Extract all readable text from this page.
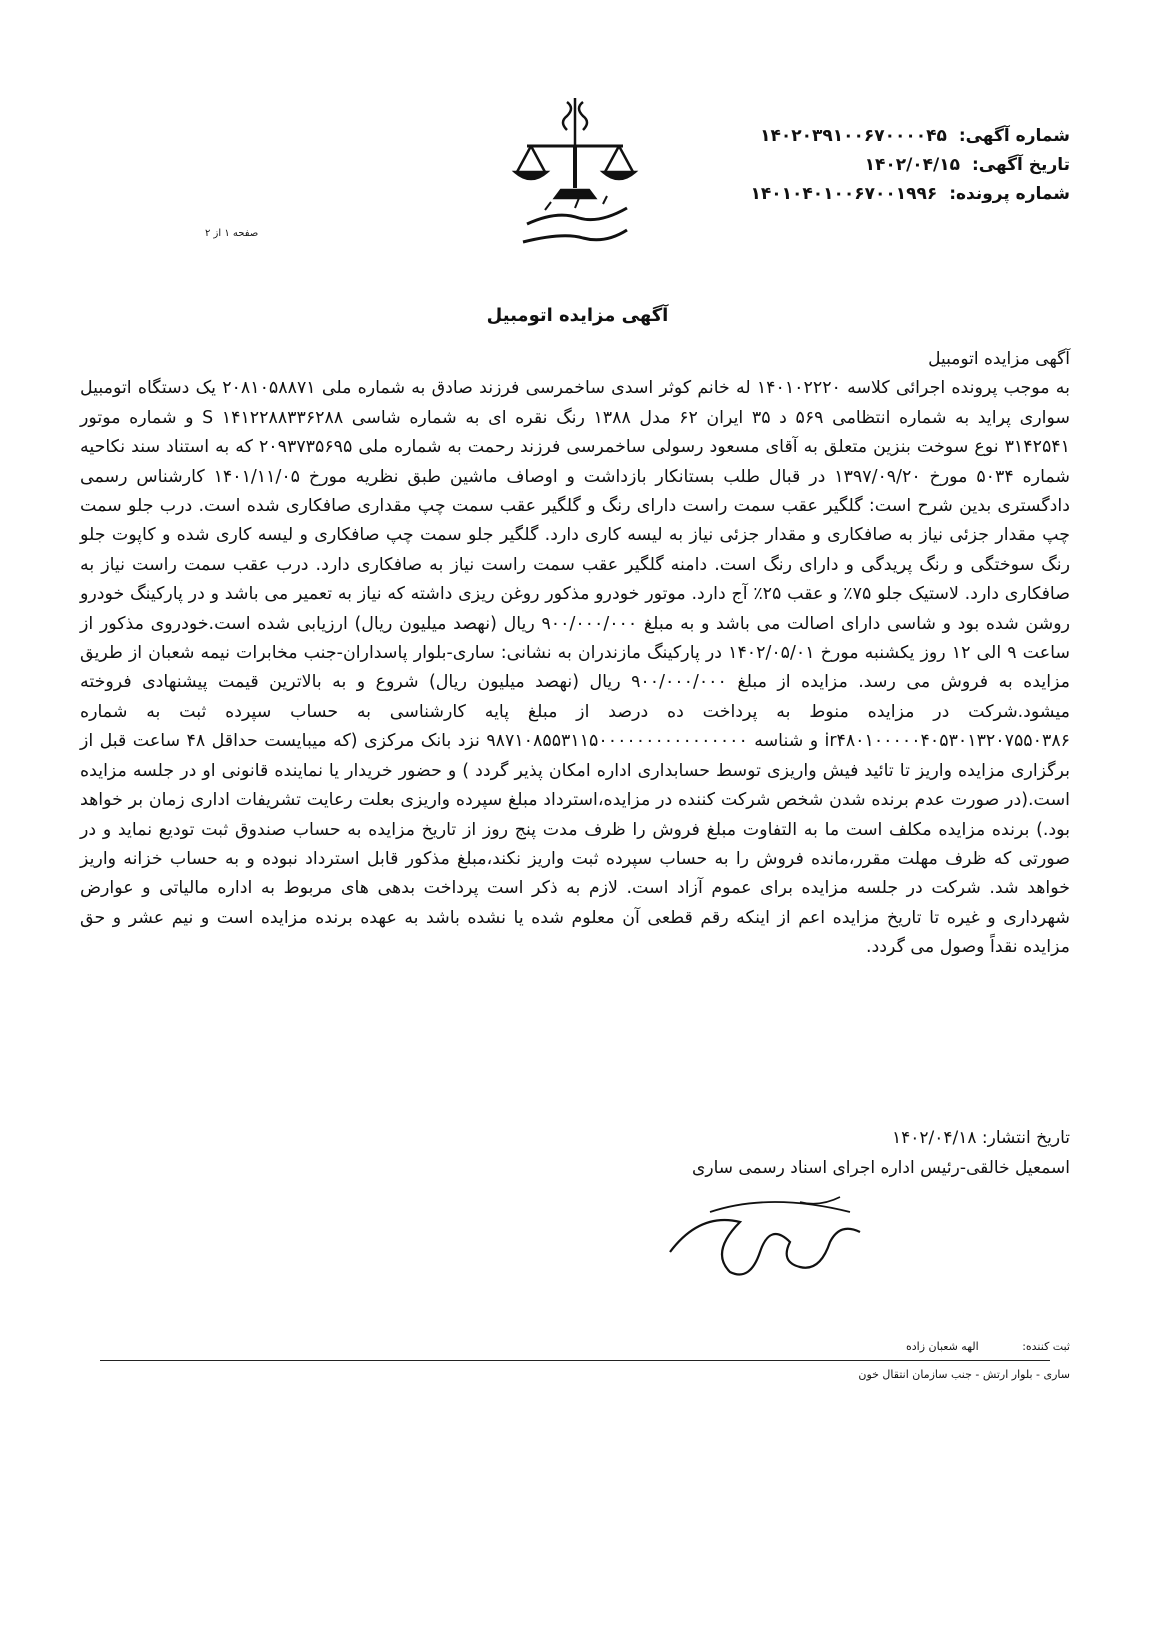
شماره آگهی: ۱۴۰۲۰۳۹۱۰۰۶۷۰۰۰۰۴۵
تاریخ آگهی: ۱۴۰۲/۰۴/۱۵
شماره پرونده: ۱۴۰۱۰۴۰۱۰۰۶۷۰۰۱۹۹۶
صفحه ۱ از ۲
آگهی مزایده اتومبیل

آگهی مزایده اتومبیل

به موجب پرونده اجرائی کلاسه ۱۴۰۱۰۲۲۲۰ له خانم کوثر اسدی ساخمرسی فرزند صادق به شماره ملی ۲۰۸۱۰۵۸۸۷۱ یک دستگاه اتومبیل سواری پراید به شماره انتظامی ۵۶۹ د ۳۵ ایران ۶۲ مدل ۱۳۸۸ رنگ نقره ای به شماره شاسی S ۱۴۱۲۲۸۸۳۳۶۲۸۸ و شماره موتور ۳۱۴۲۵۴۱ نوع سوخت بنزین متعلق به آقای مسعود رسولی ساخمرسی فرزند رحمت به شماره ملی ۲۰۹۳۷۳۵۶۹۵ که به استناد سند نکاحیه شماره ۵۰۳۴ مورخ ۱۳۹۷/۰۹/۲۰ در قبال طلب بستانکار بازداشت و اوصاف ماشین طبق نظریه مورخ ۱۴۰۱/۱۱/۰۵ کارشناس رسمی دادگستری بدین شرح است: گلگیر عقب سمت راست دارای رنگ و گلگیر عقب سمت چپ مقداری صافکاری شده است. درب جلو سمت چپ مقدار جزئی نیاز به صافکاری و مقدار جزئی نیاز به لیسه کاری دارد. گلگیر جلو سمت چپ صافکاری و لیسه کاری شده و کاپوت جلو رنگ سوختگی و رنگ پریدگی و دارای رنگ است. دامنه گلگیر عقب سمت راست نیاز به صافکاری دارد. درب عقب سمت راست نیاز به صافکاری دارد. لاستیک جلو ۷۵٪ و عقب ۲۵٪ آج دارد. موتور خودرو مذکور روغن ریزی داشته که نیاز به تعمیر می باشد و در پارکینگ خودرو روشن شده بود و شاسی دارای اصالت می باشد و به مبلغ ۹۰۰/۰۰۰/۰۰۰ ریال (نهصد میلیون ریال) ارزیابی شده است.خودروی مذکور از ساعت ۹ الی ۱۲ روز یکشنبه مورخ ۱۴۰۲/۰۵/۰۱ در پارکینگ مازندران به نشانی: ساری-بلوار پاسداران-جنب مخابرات نیمه شعبان از طریق مزایده به فروش می رسد. مزایده از مبلغ ۹۰۰/۰۰۰/۰۰۰ ریال (نهصد میلیون ریال) شروع و به بالاترین قیمت پیشنهادی فروخته میشود.شرکت در مزایده منوط به پرداخت ده درصد از مبلغ پایه کارشناسی به حساب سپرده ثبت به شماره ir۴۸۰۱۰۰۰۰۰۴۰۵۳۰۱۳۲۰۷۵۵۰۳۸۶ و شناسه ۹۸۷۱۰۸۵۵۳۱۱۵۰۰۰۰۰۰۰۰۰۰۰۰۰۰۰۰ نزد بانک مرکزی (که میبایست حداقل ۴۸ ساعت قبل از برگزاری مزایده واریز تا تائید فیش واریزی توسط حسابداری اداره امکان پذیر گردد ) و حضور خریدار یا نماینده قانونی او در جلسه مزایده است.(در صورت عدم برنده شدن شخص شرکت کننده در مزایده،استرداد مبلغ سپرده واریزی بعلت رعایت تشریفات اداری زمان بر خواهد بود.) برنده مزایده مکلف است ما به التفاوت مبلغ فروش را ظرف مدت پنج روز از تاریخ مزایده به حساب صندوق ثبت توديع نماید و در صورتی که ظرف مهلت مقرر،مانده فروش را به حساب سپرده ثبت واریز نکند،مبلغ مذکور قابل استرداد نبوده و به حساب خزانه واریز خواهد شد. شرکت در جلسه مزایده برای عموم آزاد است. لازم به ذکر است پرداخت بدهی های مربوط به اداره مالیاتی و عوارض شهرداری و غیره تا تاریخ مزایده اعم از اینکه رقم قطعی آن معلوم شده یا نشده باشد به عهده برنده مزایده است و نیم عشر و حق مزایده نقداً وصول می گردد.

تاریخ انتشار: ۱۴۰۲/۰۴/۱۸
اسمعیل خالقی-رئیس اداره اجرای اسناد رسمی ساری
ثبت کننده: الهه شعبان زاده
ساری - بلوار ارتش - جنب سازمان انتقال خون
